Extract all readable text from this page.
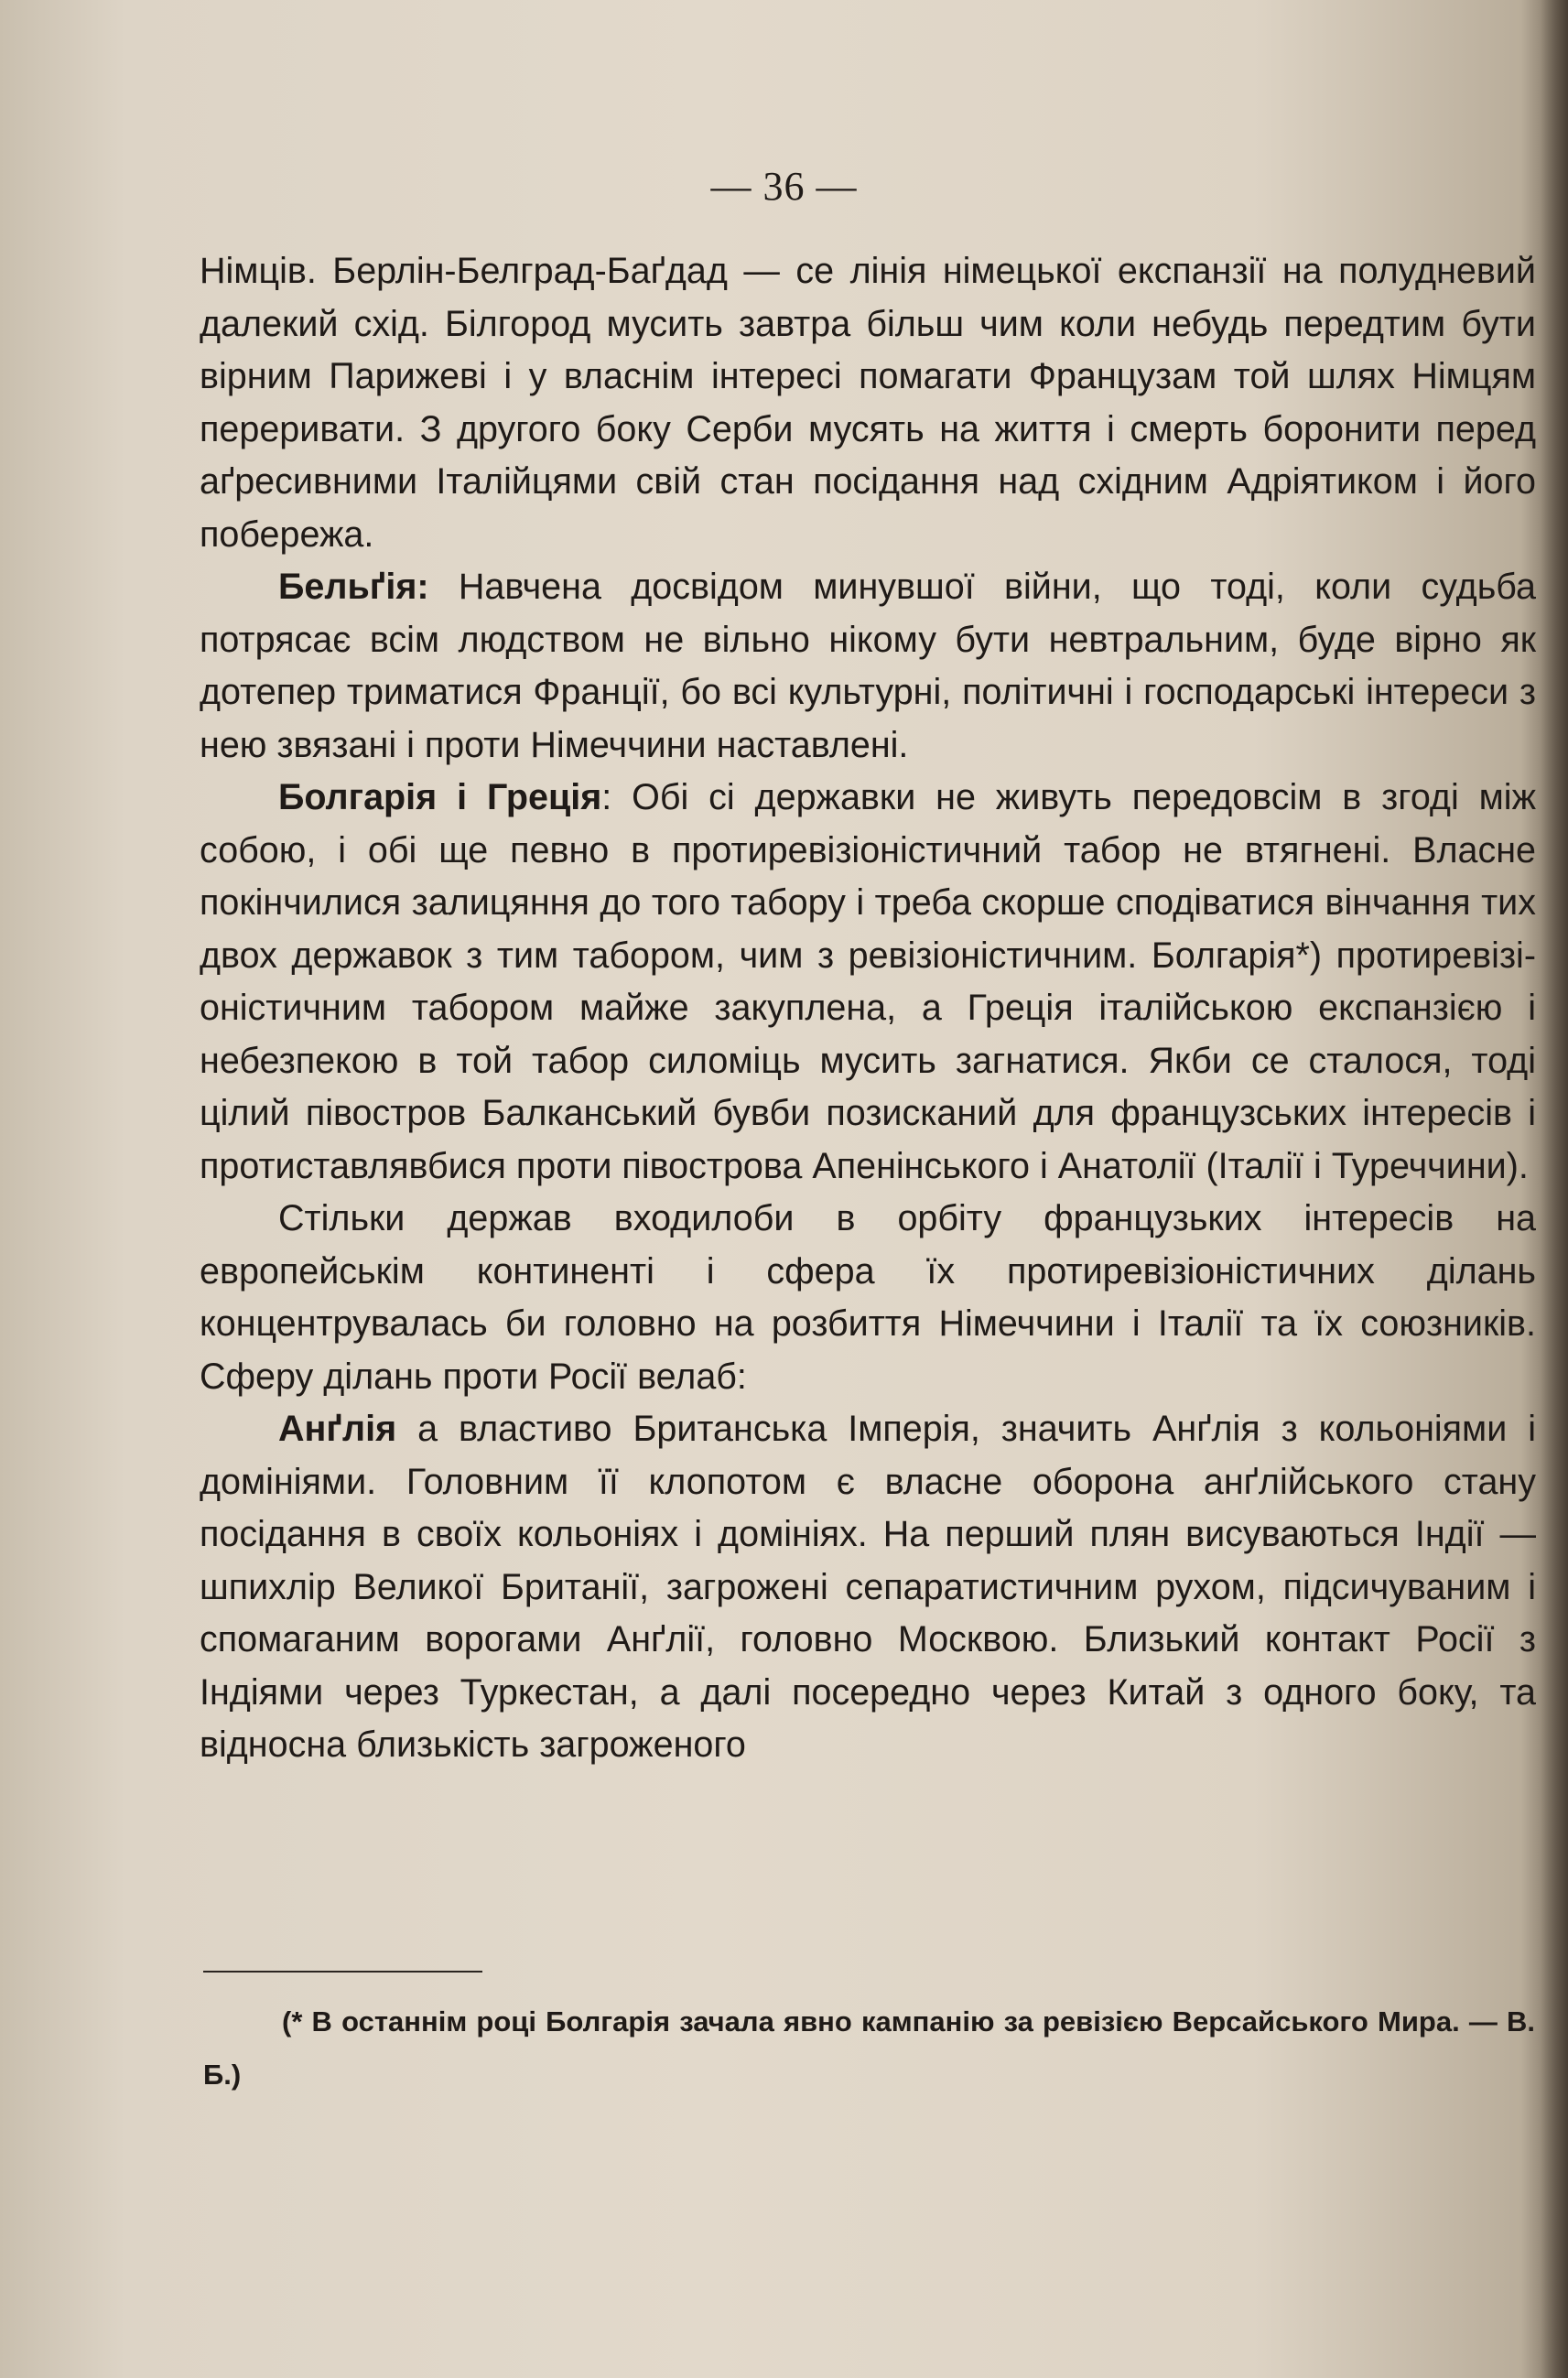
— 36 —

Німців. Берлін-Белград-Баґдад — се лінія німецької експанзії на полудневий далекий схід. Білгород мусить завтра більш чим коли небудь передтим бути вірним Парижеві і у власнім інтересі помагати Французам той шлях Німцям переривати. З другого боку Серби мусять на життя і смерть боронити перед аґресивними Італійцями свій стан посідання над східним Адріятиком і його побережа.

Бельґія: Навчена досвідом минувшої війни, що тоді, коли судьба потрясає всім людством не вільно нікому бути невтральним, буде вірно як дотепер триматися Франції, бо всі культурні, політичні і господарські інтереси з нею звязані і проти Німеччини наставлені.

Болгарія і Греція: Обі сі державки не живуть передовсім в згоді між собою, і обі ще певно в протиревізіоністичний табор не втягнені. Власне покінчилися залицяння до того табору і треба скорше сподіватися вінчання тих двох державок з тим табором, чим з ревізіоністичним. Болгарія*) протиревізіоністичним табором майже закуплена, а Греція італійською експанзією і небезпекою в той табор силоміць мусить загнатися. Якби се сталося, тоді цілий півостров Балканський бувби позисканий для французських інтересів і протиставлявбися проти півострова Апенінського і Анатолії (Італії і Туреччини).

Стільки держав входилоби в орбіту французьких інтересів на европейськім континенті і сфера їх протиревізіоністичних ділань концентрувалась би головно на розбиття Німеччини і Італії та їх союзників. Сферу ділань проти Росії велаб:

Анґлія а властиво Британська Імперія, значить Анґлія з кольоніями і домініями. Головним її клопотом є власне оборона анґлійського стану посідання в своїх кольоніях і домініях. На перший плян висуваються Індії — шпихлір Великої Британії, загрожені сепаратистичним рухом, підсичуваним і спомаганим ворогами Анґлії, головно Москвою. Близький контакт Росії з Індіями через Туркестан, а далі посередно через Китай з одного боку, та відносна близькість загроженого

(* В останнім році Болгарія зачала явно кампанію за ревізією Версайського Мира. — В. Б.)
